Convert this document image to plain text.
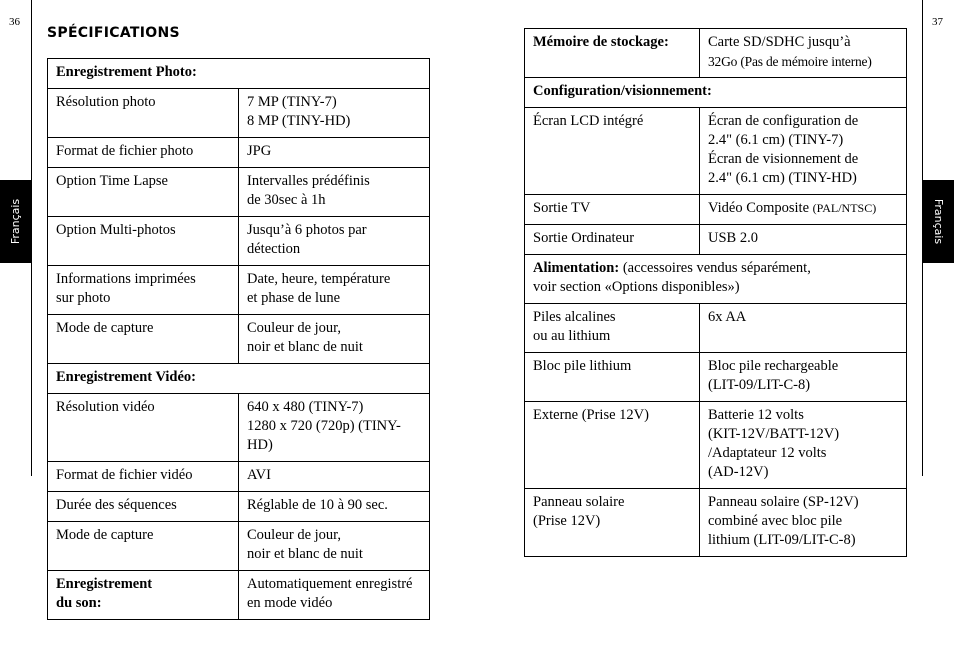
36	37
Français	Français
SPÉCIFICATIONS
Enregistrement Photo:	

Résolution photo	7 MP (TINY-7)
8 MP (TINY-HD)

Format de fichier photo	JPG

Option Time Lapse	Intervalles prédéfinis
de 30sec à 1h

Option Multi-photos	Jusqu’à 6 photos par
détection

Informations imprimées
sur photo	Date, heure, température
et phase de lune

Mode de capture	Couleur de jour,
noir et blanc de nuit

Enregistrement Vidéo:	

Résolution vidéo	640 x 480 (TINY-7)
1280 x 720 (720p) (TINY-HD)

Format de fichier vidéo	AVI

Durée des séquences	Réglable de 10 à 90 sec.

Mode de capture	Couleur de jour,
noir et blanc de nuit

Enregistrement
du son:	Automatiquement enregistré
en mode vidéo
Mémoire de stockage:	Carte SD/SDHC jusqu’à
32Go (Pas de mémoire interne)

Configuration/visionnement:	
Écran LCD intégré	Écran de configuration de
2.4" (6.1 cm) (TINY-7)
Écran de visionnement de
2.4" (6.1 cm) (TINY-HD)

Sortie TV	Vidéo Composite (PAL/NTSC)
Sortie Ordinateur	USB 2.0
Alimentation: (accessoires vendus séparément,
voir section «Options disponibles»)	

Piles alcalines
ou au lithium	6x AA

Bloc pile lithium	Bloc pile rechargeable
(LIT-09/LIT-C-8)

Externe (Prise 12V)	Batterie 12 volts
(KIT-12V/BATT-12V)
/Adaptateur 12 volts
(AD-12V)

Panneau solaire
(Prise 12V)	Panneau solaire (SP-12V)
combiné avec bloc pile
lithium (LIT-09/LIT-C-8)
